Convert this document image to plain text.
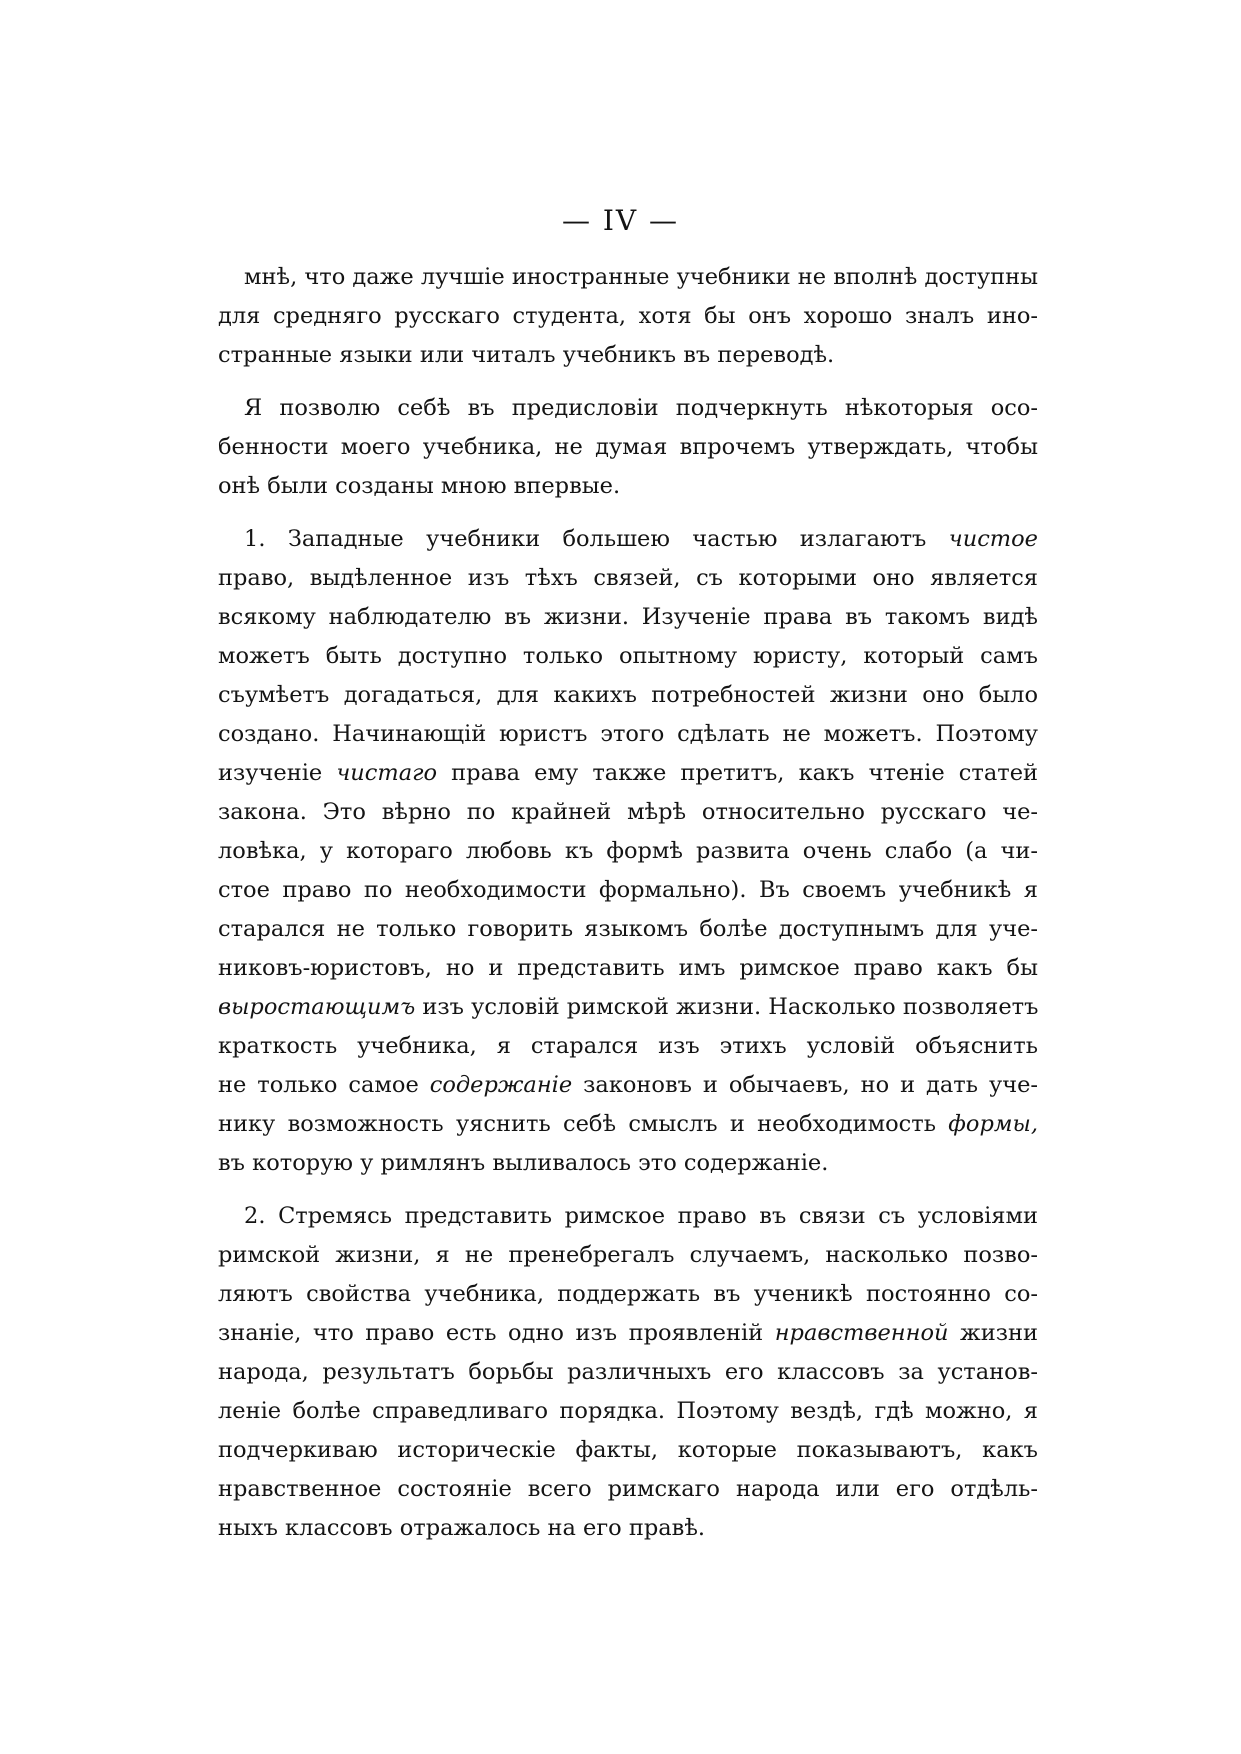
— IV —
мнѣ, что даже лучшіе иностранные учебники не вполнѣ доступны
для средняго русскаго студента, хотя бы онъ хорошо зналъ ино-
странные языки или читалъ учебникъ въ переводѣ.
Я позволю себѣ въ предисловіи подчеркнуть нѣкоторыя осо-
бенности моего учебника, не думая впрочемъ утверждать, чтобы
онѣ были созданы мною впервые.
1. Западные учебники большею частью излагаютъ чистое
право, выдѣленное изъ тѣхъ связей, съ которыми оно является
всякому наблюдателю въ жизни. Изученіе права въ такомъ видѣ
можетъ быть доступно только опытному юристу, который самъ
съумѣетъ догадаться, для какихъ потребностей жизни оно было
создано. Начинающій юристъ этого сдѣлать не можетъ. Поэтому
изученіе чистаго права ему также претитъ, какъ чтеніе статей
закона. Это вѣрно по крайней мѣрѣ относительно русскаго че-
ловѣка, у котораго любовь къ формѣ развита очень слабо (а чи-
стое право по необходимости формально). Въ своемъ учебникѣ я
старался не только говорить языкомъ болѣе доступнымъ для уче-
никовъ-юристовъ, но и представить имъ римское право какъ бы
выростающимъ изъ условій римской жизни. Насколько позволяетъ
краткость учебника, я старался изъ этихъ условій объяснить
не только самое содержаніе законовъ и обычаевъ, но и дать уче-
нику возможность уяснить себѣ смыслъ и необходимость формы,
въ которую у римлянъ выливалось это содержаніе.
2. Стремясь представить римское право въ связи съ условіями
римской жизни, я не пренебрегалъ случаемъ, насколько позво-
ляютъ свойства учебника, поддержать въ ученикѣ постоянно со-
знаніе, что право есть одно изъ проявленій нравственной жизни
народа, результатъ борьбы различныхъ его классовъ за установ-
леніе болѣе справедливаго порядка. Поэтому вездѣ, гдѣ можно, я
подчеркиваю историческіе факты, которые показываютъ, какъ
нравственное состояніе всего римскаго народа или его отдѣль-
ныхъ классовъ отражалось на его правѣ.
